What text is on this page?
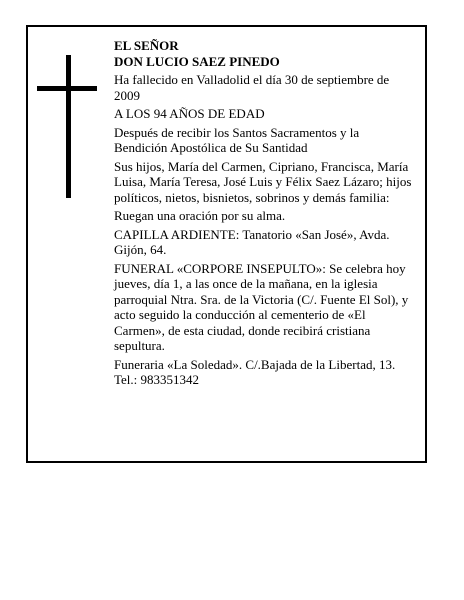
EL SEÑOR

DON LUCIO SAEZ PINEDO

Ha fallecido en Valladolid el día 30 de septiembre de 2009

A LOS 94 AÑOS DE EDAD

Después de recibir los Santos Sacramentos y la Bendición Apostólica de Su Santidad

Sus hijos, María del Carmen, Cipriano, Francisca, María Luisa, María Teresa, José Luis y Félix Saez Lázaro; hijos políticos, nietos, bisnietos, sobrinos y demás familia:

Ruegan una oración por su alma.

CAPILLA ARDIENTE: Tanatorio «San José», Avda. Gijón, 64.

FUNERAL «CORPORE INSEPULTO»: Se celebra hoy jueves, día 1, a las once de la mañana, en la iglesia parroquial Ntra. Sra. de la Victoria (C/. Fuente El Sol), y acto seguido la conducción al cementerio de «El Carmen», de esta ciudad, donde recibirá cristiana sepultura.

Funeraria «La Soledad». C/.Bajada de la Libertad, 13. Tel.: 983351342
